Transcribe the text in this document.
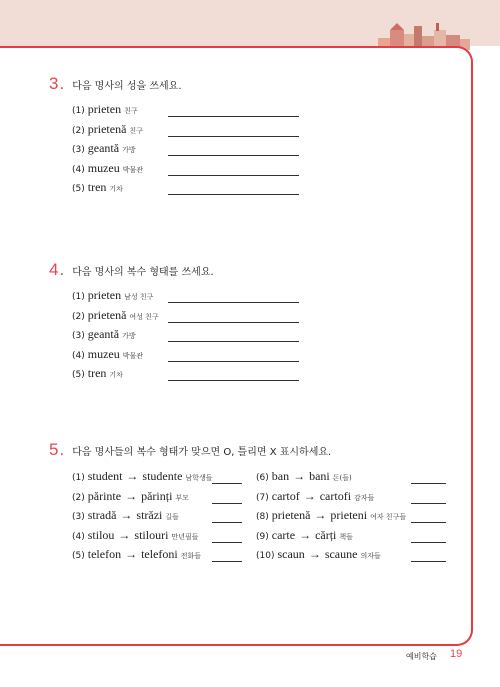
3. 다음 명사의 성을 쓰세요.
(1) prieten 친구
(2) prietenă 친구
(3) geantă 가방
(4) muzeu 박물관
(5) tren 기차
4. 다음 명사의 복수 형태를 쓰세요.
(1) prieten 남성 친구
(2) prietenă 여성 친구
(3) geantă 가방
(4) muzeu 박물관
(5) tren 기차
5. 다음 명사들의 복수 형태가 맞으면 O, 틀리면 X 표시하세요.
(1) student → studente 남학생들
(2) părinte → părinți 부모
(3) stradă → străzi 길들
(4) stilou → stilouri 만년필들
(5) telefon → telefoni 전화들
(6) ban → bani 돈(들)
(7) cartof → cartofi 감자들
(8) prietenă → prieteni 여자 친구들
(9) carte → cărți 책들
(10) scaun → scaune 의자들
예비학습 19
